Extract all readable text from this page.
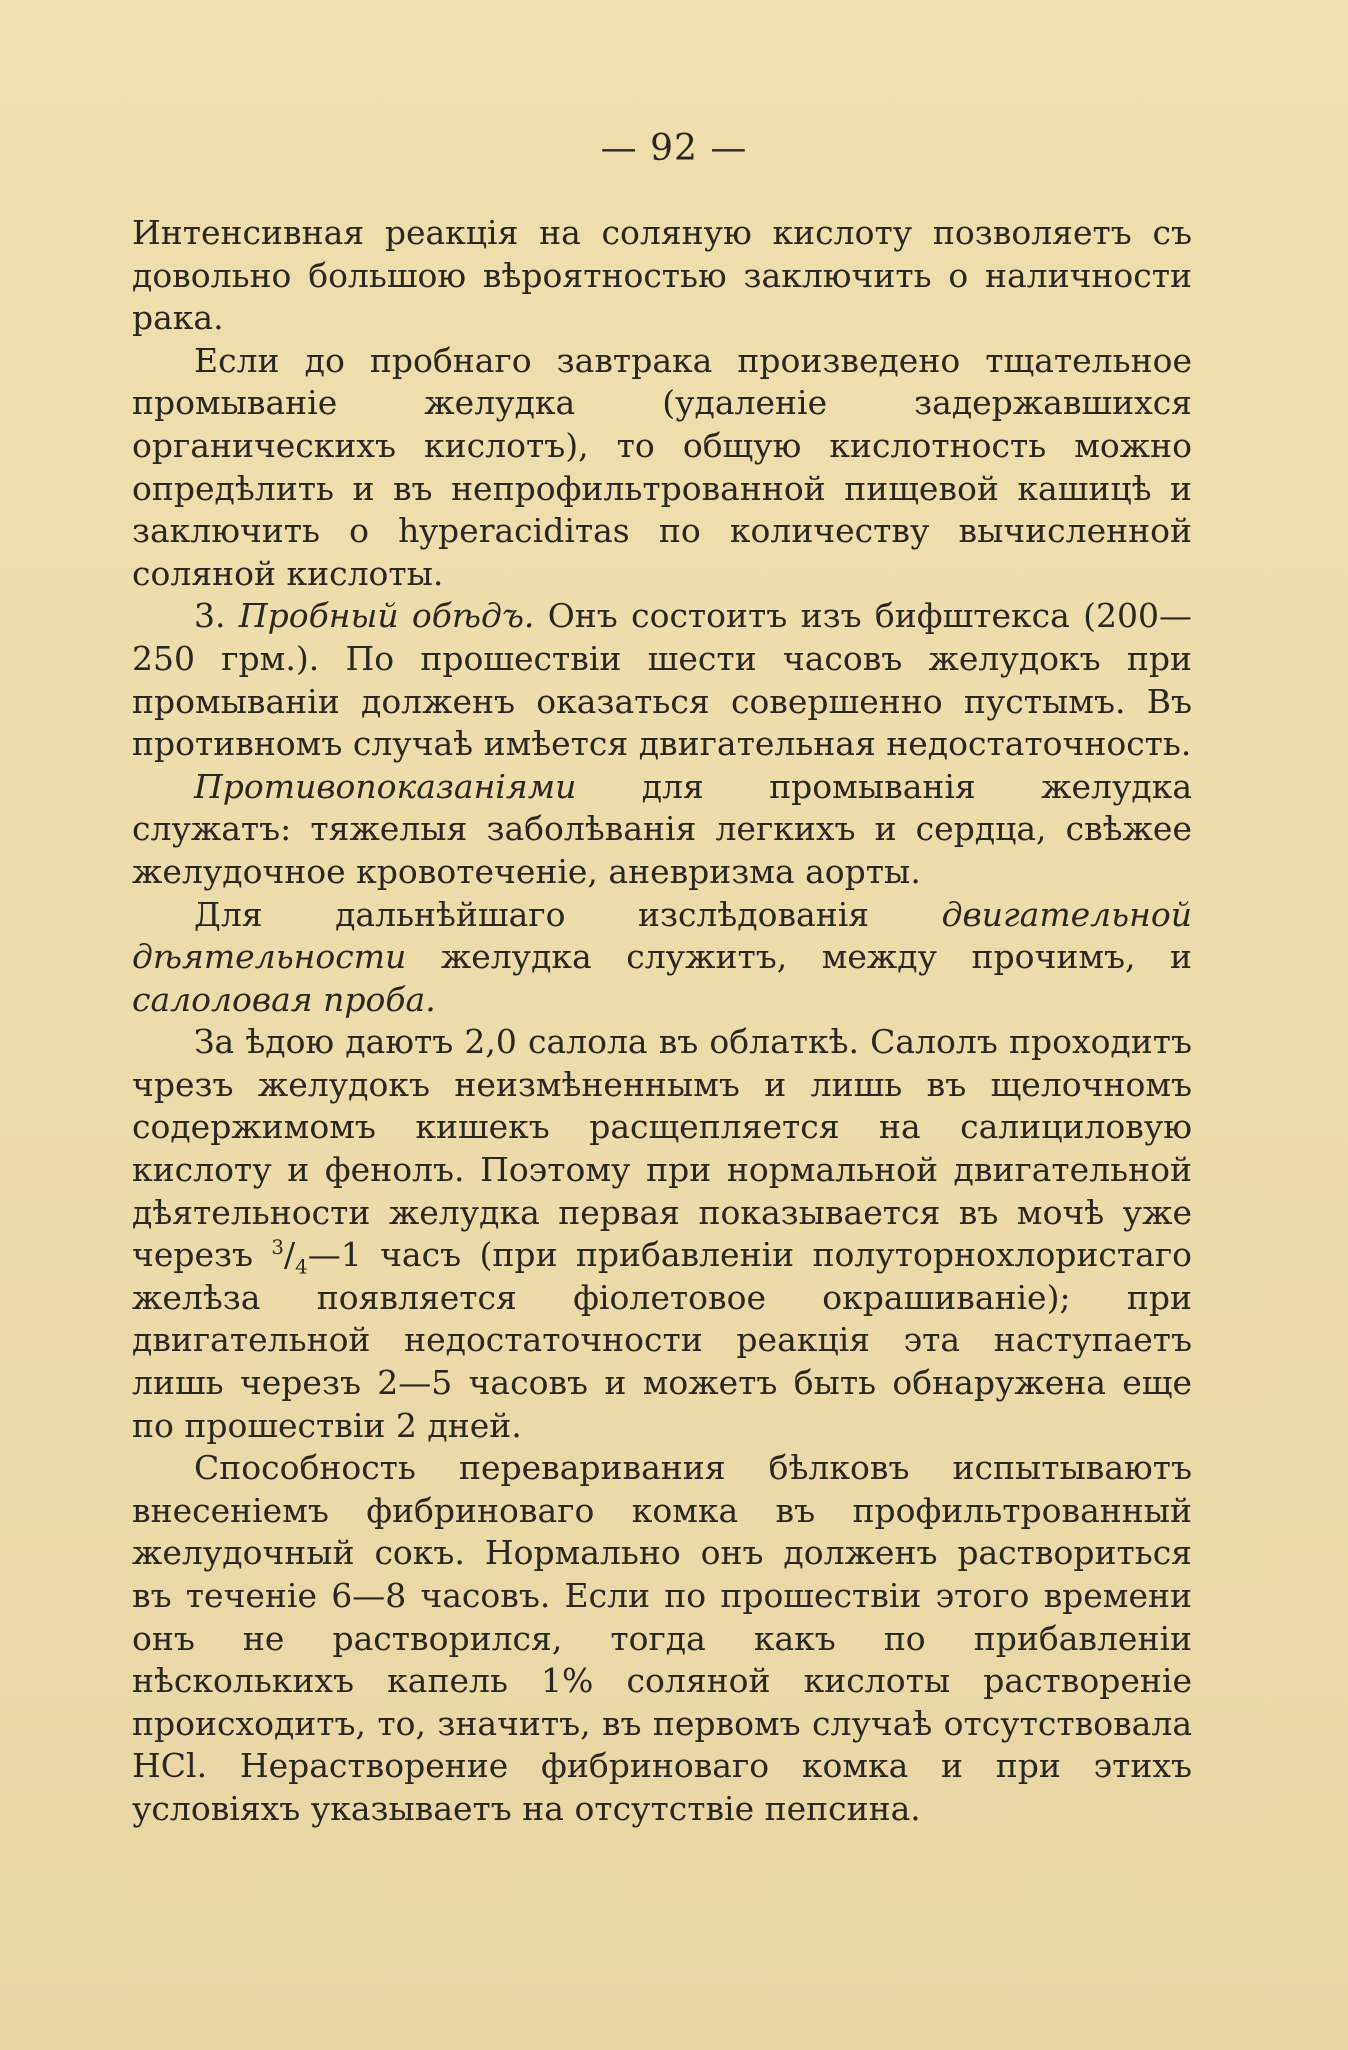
— 92 —

Интенсивная реакція на соляную кислоту позволяетъ съ довольно большою вѣроятностью заключить о наличности рака.

Если до пробнаго завтрака произведено тщательное промываніе желудка (удаленіе задержавшихся органическихъ кислотъ), то общую кислотность можно опредѣлить и въ непрофильтрованной пищевой кашицѣ и заключить о hyperacidітas по количеству вычисленной соляной кислоты.

3. Пробный обѣдъ. Онъ состоитъ изъ бифштекса (200—250 грм.). По прошествіи шести часовъ желудокъ при промываніи долженъ оказаться совершенно пустымъ. Въ противномъ случаѣ имѣется двигательная недостаточность.

Противопоказаніями для промыванія желудка служатъ: тяжелыя заболѣванія легкихъ и сердца, свѣжее желудочное кровотеченіе, аневризма аорты.

Для дальнѣйшаго изслѣдованія двигательной дѣятельности желудка служитъ, между прочимъ, и салоловая проба.

За ѣдою даютъ 2,0 салола въ облаткѣ. Салолъ проходитъ чрезъ желудокъ неизмѣненнымъ и лишь въ щелочномъ содержимомъ кишекъ расщепляется на салициловую кислоту и фенолъ. Поэтому при нормальной двигательной дѣятельности желудка первая показывается въ мочѣ уже черезъ $^3/_4—1$ часъ (при прибавленіи полуторнохлористаго желѣза появляется фіолетовое окрашиваніе); при двигательной недостаточности реакція эта наступаетъ лишь черезъ 2—5 часовъ и можетъ быть обнаружена еще по прошествіи 2 дней.

Способность переваривания бѣлковъ испытываютъ внесеніемъ фибриноваго комка въ профильтрованный желудочный сокъ. Нормально онъ долженъ раствориться въ теченіе 6—8 часовъ. Если по прошествіи этого времени онъ не растворился, тогда какъ по прибавленіи нѣсколькихъ капель 1% соляной кислоты раствореніе происходитъ, то, значитъ, въ первомъ случаѣ отсутствовала HCl. Нерастворение фибриноваго комка и при этихъ условіяхъ указываетъ на отсутствіе пепсина.
